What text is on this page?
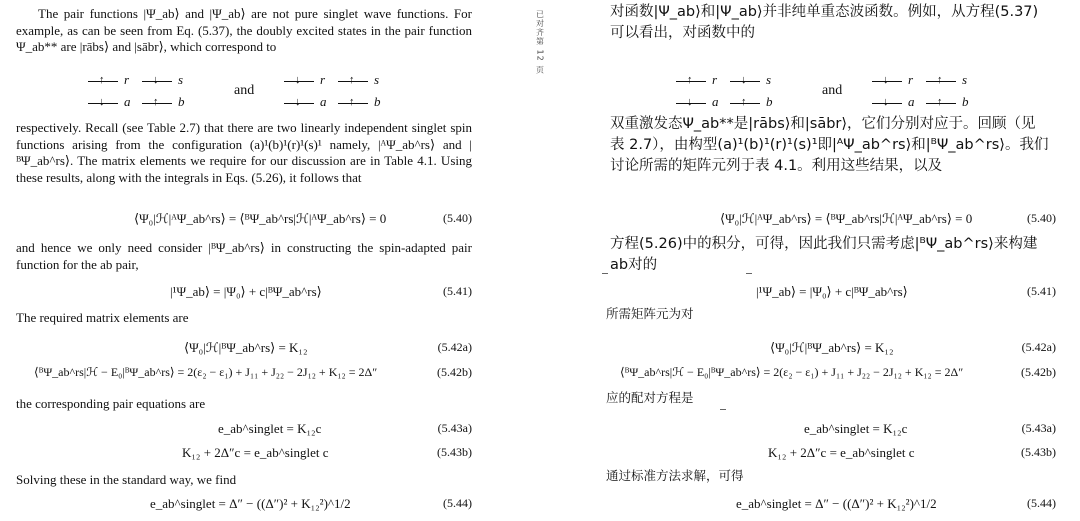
已对齐第 12 页

The pair functions |Ψ_ab⟩ and |Ψ_ab⟩ are not pure singlet wave functions. For example, as can be seen from Eq. (5.37), the doubly excited states in the pair function Ψ_ab** are |rābs⟩ and |sābr⟩, which correspond to

↑ r ↓ s
↓ a ↑ b
and
↓ r ↑ s
↓ a ↑ b

respectively. Recall (see Table 2.7) that there are two linearly independent singlet spin functions arising from the configuration (a)¹(b)¹(r)¹(s)¹ namely, |ᴬΨ_ab^rs⟩ and |ᴮΨ_ab^rs⟩. The matrix elements we require for our discussion are in Table 4.1. Using these results, along with the integrals in Eqs. (5.26), it follows that

⟨Ψ₀|ℋ|ᴬΨ_ab^rs⟩ = ⟨ᴮΨ_ab^rs|ℋ|ᴬΨ_ab^rs⟩ = 0	(5.40)

and hence we only need consider |ᴮΨ_ab^rs⟩ in constructing the spin-adapted pair function for the ab pair,

|¹Ψ_ab⟩ = |Ψ₀⟩ + c|ᴮΨ_ab^rs⟩	(5.41)

The required matrix elements are

⟨Ψ₀|ℋ|ᴮΨ_ab^rs⟩ = K₁₂	(5.42a)
⟨ᴮΨ_ab^rs|ℋ − E₀|ᴮΨ_ab^rs⟩ = 2(ε₂ − ε₁) + J₁₁ + J₂₂ − 2J₁₂ + K₁₂ = 2Δ″	(5.42b)

the corresponding pair equations are

e_ab^singlet = K₁₂c	(5.43a)
K₁₂ + 2Δ″c = e_ab^singlet c	(5.43b)

Solving these in the standard way, we find

e_ab^singlet = Δ″ − ((Δ″)² + K₁₂²)^1/2	(5.44)

对函数|Ψ_ab⟩和|Ψ_ab⟩并非纯单重态波函数。例如，从方程(5.37)可以看出，对函数中的

↑ r ↓ s
↓ a ↑ b
and
↓ r ↑ s
↓ a ↑ b

双重激发态Ψ_ab**是|rābs⟩和|sābr⟩，它们分别对应于。回顾（见表 2.7），由构型(a)¹(b)¹(r)¹(s)¹即|ᴬΨ_ab^rs⟩和|ᴮΨ_ab^rs⟩。我们讨论所需的矩阵元列于表 4.1。利用这些结果，以及

⟨Ψ₀|ℋ|ᴬΨ_ab^rs⟩ = ⟨ᴮΨ_ab^rs|ℋ|ᴬΨ_ab^rs⟩ = 0	(5.40)

方程(5.26)中的积分，可得，因此我们只需考虑|ᴮΨ_ab^rs⟩来构建ab对的

|¹Ψ_ab⟩ = |Ψ₀⟩ + c|ᴮΨ_ab^rs⟩	(5.41)

所需矩阵元为对

⟨Ψ₀|ℋ|ᴮΨ_ab^rs⟩ = K₁₂	(5.42a)
⟨ᴮΨ_ab^rs|ℋ − E₀|ᴮΨ_ab^rs⟩ = 2(ε₂ − ε₁) + J₁₁ + J₂₂ − 2J₁₂ + K₁₂ = 2Δ″	(5.42b)

应的配对方程是

e_ab^singlet = K₁₂c	(5.43a)
K₁₂ + 2Δ″c = e_ab^singlet c	(5.43b)

通过标准方法求解，可得

e_ab^singlet = Δ″ − ((Δ″)² + K₁₂²)^1/2	(5.44)
